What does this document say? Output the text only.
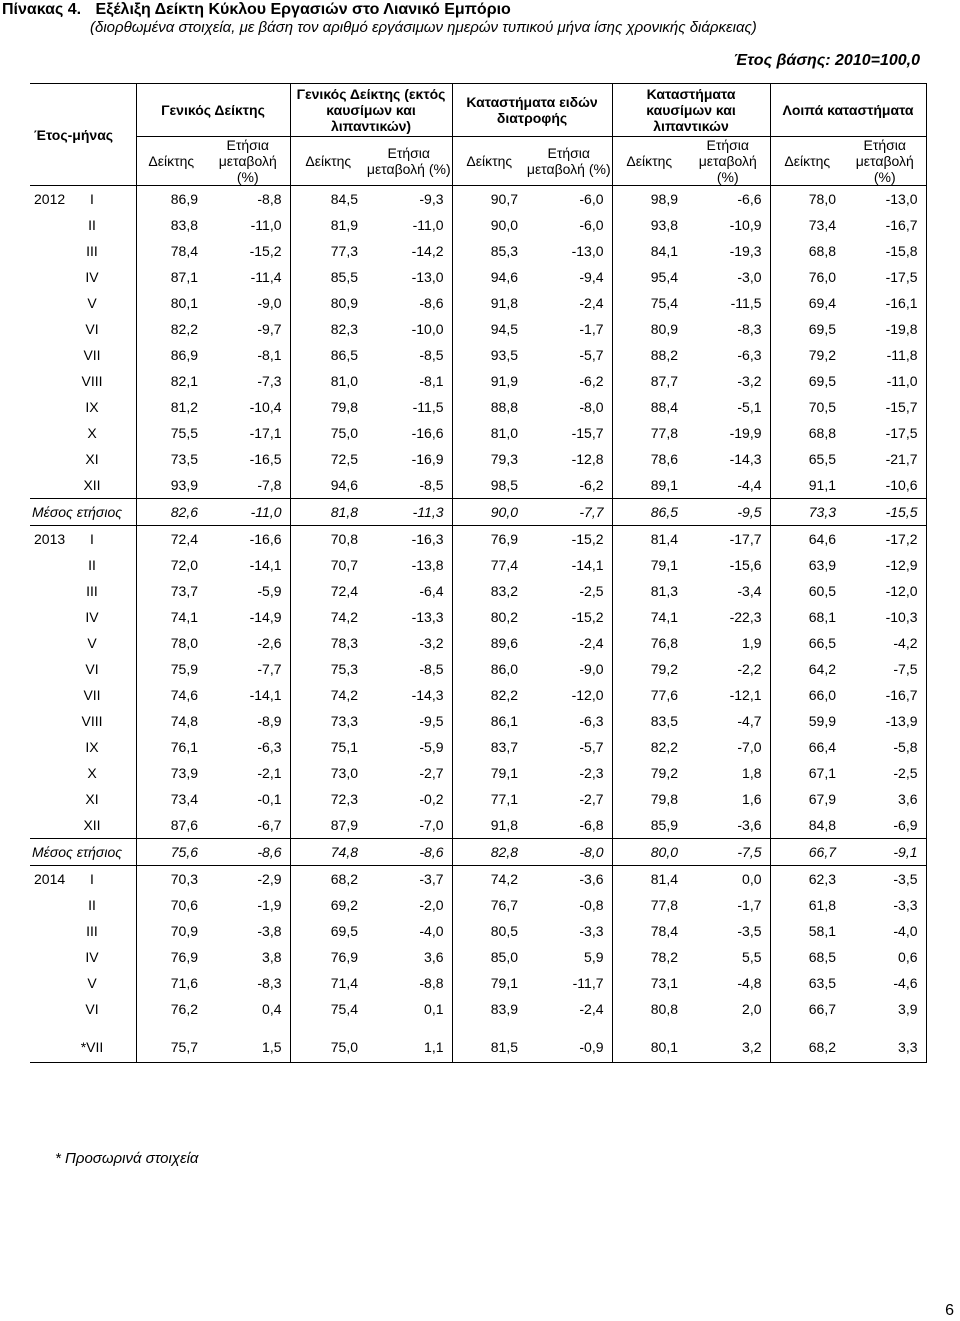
Πίνακας 4. Εξέλιξη Δείκτη Κύκλου Εργασιών στο Λιανικό Εμπόριο
(διορθωμένα στοιχεία, με βάση τον αριθμό εργάσιμων ημερών τυπικού μήνα ίσης χρονικής διάρκειας)
Έτος βάσης: 2010=100,0
Έτος-μήνας	Γενικός Δείκτης		Γενικός Δείκτης (εκτός καυσίμων και λιπαντικών)		Καταστήματα ειδών διατροφής		Καταστήματα καυσίμων και λιπαντικών		Λοιπά καταστήματα	
	Δείκτης	Ετήσια μεταβολή (%)	Δείκτης	Ετήσια μεταβολή (%)	Δείκτης	Ετήσια μεταβολή (%)	Δείκτης	Ετήσια μεταβολή (%)	Δείκτης	Ετήσια μεταβολή (%)
2012 I	86,9	-8,8	84,5	-9,3	90,7	-6,0	98,9	-6,6	78,0	-13,0
II	83,8	-11,0	81,9	-11,0	90,0	-6,0	93,8	-10,9	73,4	-16,7
III	78,4	-15,2	77,3	-14,2	85,3	-13,0	84,1	-19,3	68,8	-15,8
IV	87,1	-11,4	85,5	-13,0	94,6	-9,4	95,4	-3,0	76,0	-17,5
V	80,1	-9,0	80,9	-8,6	91,8	-2,4	75,4	-11,5	69,4	-16,1
VI	82,2	-9,7	82,3	-10,0	94,5	-1,7	80,9	-8,3	69,5	-19,8
VII	86,9	-8,1	86,5	-8,5	93,5	-5,7	88,2	-6,3	79,2	-11,8
VIII	82,1	-7,3	81,0	-8,1	91,9	-6,2	87,7	-3,2	69,5	-11,0
IX	81,2	-10,4	79,8	-11,5	88,8	-8,0	88,4	-5,1	70,5	-15,7
X	75,5	-17,1	75,0	-16,6	81,0	-15,7	77,8	-19,9	68,8	-17,5
XI	73,5	-16,5	72,5	-16,9	79,3	-12,8	78,6	-14,3	65,5	-21,7
XII	93,9	-7,8	94,6	-8,5	98,5	-6,2	89,1	-4,4	91,1	-10,6
Μέσος ετήσιος	82,6	-11,0	81,8	-11,3	90,0	-7,7	86,5	-9,5	73,3	-15,5
2013 I	72,4	-16,6	70,8	-16,3	76,9	-15,2	81,4	-17,7	64,6	-17,2
II	72,0	-14,1	70,7	-13,8	77,4	-14,1	79,1	-15,6	63,9	-12,9
III	73,7	-5,9	72,4	-6,4	83,2	-2,5	81,3	-3,4	60,5	-12,0
IV	74,1	-14,9	74,2	-13,3	80,2	-15,2	74,1	-22,3	68,1	-10,3
V	78,0	-2,6	78,3	-3,2	89,6	-2,4	76,8	1,9	66,5	-4,2
VI	75,9	-7,7	75,3	-8,5	86,0	-9,0	79,2	-2,2	64,2	-7,5
VII	74,6	-14,1	74,2	-14,3	82,2	-12,0	77,6	-12,1	66,0	-16,7
VIII	74,8	-8,9	73,3	-9,5	86,1	-6,3	83,5	-4,7	59,9	-13,9
IX	76,1	-6,3	75,1	-5,9	83,7	-5,7	82,2	-7,0	66,4	-5,8
X	73,9	-2,1	73,0	-2,7	79,1	-2,3	79,2	1,8	67,1	-2,5
XI	73,4	-0,1	72,3	-0,2	77,1	-2,7	79,8	1,6	67,9	3,6
XII	87,6	-6,7	87,9	-7,0	91,8	-6,8	85,9	-3,6	84,8	-6,9
Μέσος ετήσιος	75,6	-8,6	74,8	-8,6	82,8	-8,0	80,0	-7,5	66,7	-9,1
2014 I	70,3	-2,9	68,2	-3,7	74,2	-3,6	81,4	0,0	62,3	-3,5
II	70,6	-1,9	69,2	-2,0	76,7	-0,8	77,8	-1,7	61,8	-3,3
III	70,9	-3,8	69,5	-4,0	80,5	-3,3	78,4	-3,5	58,1	-4,0
IV	76,9	3,8	76,9	3,6	85,0	5,9	78,2	5,5	68,5	0,6
V	71,6	-8,3	71,4	-8,8	79,1	-11,7	73,1	-4,8	63,5	-4,6
VI	76,2	0,4	75,4	0,1	83,9	-2,4	80,8	2,0	66,7	3,9

*VII	75,7	1,5	75,0	1,1	81,5	-0,9	80,1	3,2	68,2	3,3
* Προσωρινά στοιχεία
6
